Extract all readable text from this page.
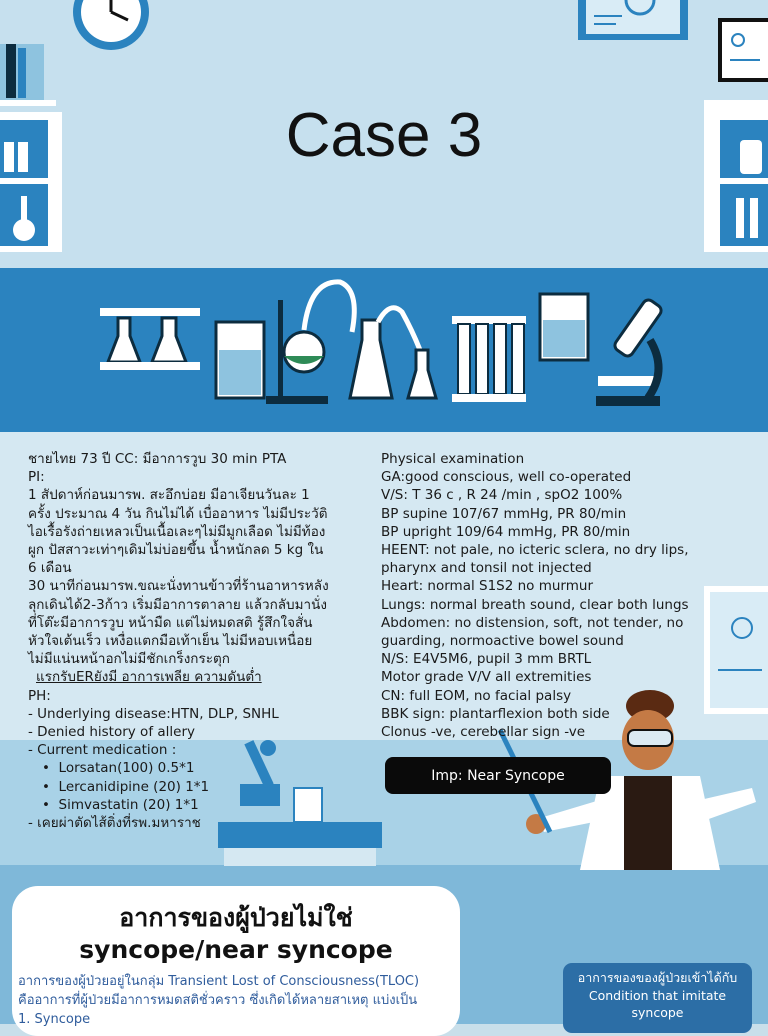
Case 3
ชายไทย 73 ปี CC: มีอาการวูบ 30 min PTA
PI:
1 สัปดาห์ก่อนมารพ. สะอึกบ่อย มีอาเจียนวันละ 1
ครั้ง ประมาณ 4 วัน กินไม่ได้ เบื่ออาหาร ไม่มีประวัติ
ไอเรื้อรังถ่ายเหลวเป็นเนื้อเละๆไม่มีมูกเลือด ไม่มีท้อง
ผูก ปัสสาวะเท่าๆเดิมไม่บ่อยขึ้น น้ำหนักลด 5 kg ใน
6 เดือน
30 นาทีก่อนมารพ.ขณะนั่งทานข้าวที่ร้านอาหารหลัง
ลุกเดินได้2-3ก้าว เริ่มมีอาการตาลาย แล้วกลับมานั่ง
ที่โต๊ะมีอาการวูบ หน้ามืด แต่ไม่หมดสติ รู้สึกใจสั่น
หัวใจเต้นเร็ว เหงื่อแตกมือเท้าเย็น ไม่มีหอบเหนื่อย
ไม่มีแน่นหน้าอกไม่มีชักเกร็งกระตุก
แรกรับERยังมี อาการเพลีย ความดันต่ำ
PH:
- Underlying disease:HTN, DLP, SNHL
- Denied history of allery
- Current medication :
•  Lorsatan(100) 0.5*1
•  Lercanidipine (20) 1*1
•  Simvastatin (20) 1*1
- เคยผ่าตัดไส้ติ่งที่รพ.มหาราช
Physical examination
GA:good conscious, well co-operated
V/S: T 36 c , R 24 /min , spO2 100%
BP supine 107/67 mmHg, PR 80/min
BP upright 109/64 mmHg, PR 80/min
HEENT: not pale, no icteric sclera, no dry lips,
pharynx and tonsil not injected
Heart: normal S1S2 no murmur
Lungs: normal breath sound, clear both lungs
Abdomen: no distension, soft, not tender, no
guarding, normoactive bowel sound
N/S: E4V5M6, pupil 3 mm BRTL
Motor grade V/V all extremities
CN: full EOM, no facial palsy
BBK sign: plantarflexion both side
Clonus -ve, cerebellar sign -ve
Imp: Near Syncope
อาการของผู้ป่วยไม่ใช่
syncope/near syncope
อาการของผู้ป่วยอยู่ในกลุ่ม Transient Lost of Consciousness(TLOC)
คืออาการที่ผู้ป่วยมีอาการหมดสติชั่วคราว ซึ่งเกิดได้หลายสาเหตุ แบ่งเป็น
1. Syncope
อาการของของผู้ป่วยเข้าได้กับ
Condition that imitate
syncope
